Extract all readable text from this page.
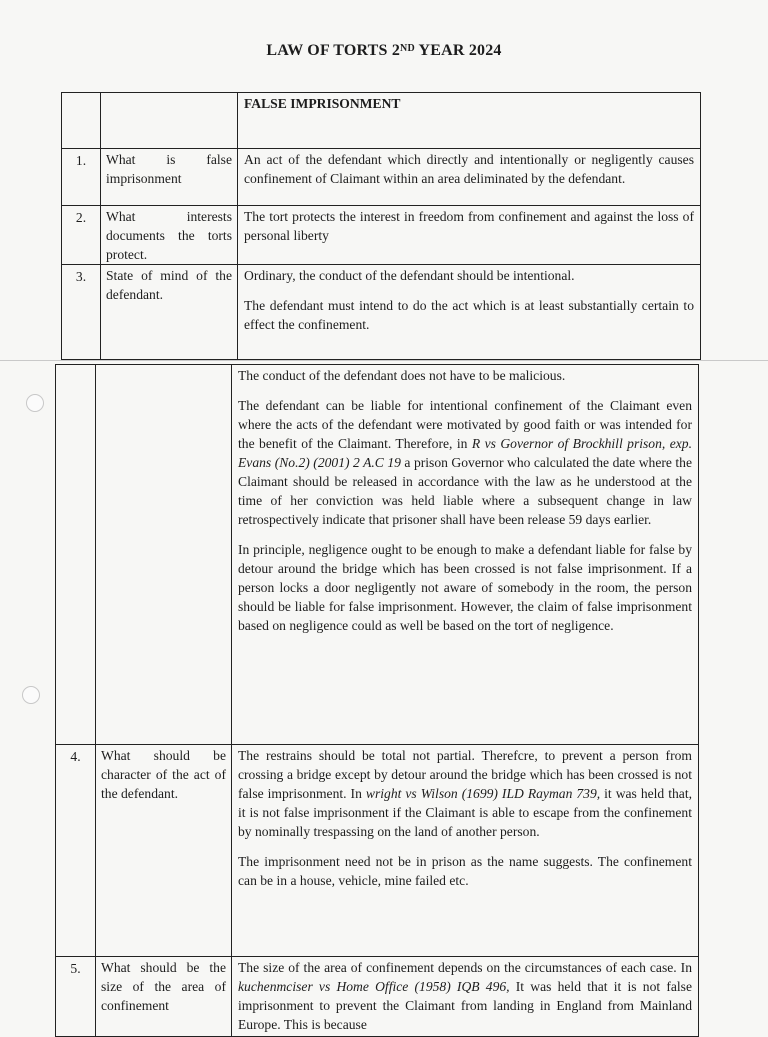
LAW OF TORTS 2ND YEAR 2024
		FALSE IMPRISONMENT
1.	What is false imprisonment	An act of the defendant which directly and intentionally or negligently causes confinement of Claimant within an area deliminated by the defendant.
2.	What interests documents the torts protect.	The tort protects the interest in freedom from confinement and against the loss of personal liberty
3.	State of mind of the defendant.	Ordinary, the conduct of the defendant should be intentional.

The defendant must intend to do the act which is at least substantially certain to effect the confinement.

		The conduct of the defendant does not have to be malicious.

The defendant can be liable for intentional confinement of the Claimant even where the acts of the defendant were motivated by good faith or was intended for the benefit of the Claimant. Therefore, in R vs Governor of Brockhill prison, exp. Evans (No.2) (2001) 2 A.C 19 a prison Governor who calculated the date where the Claimant should be released in accordance with the law as he understood at the time of her conviction was held liable where a subsequent change in law retrospectively indicate that prisoner shall have been release 59 days earlier.

In principle, negligence ought to be enough to make a defendant liable for false by detour around the bridge which has been crossed is not false imprisonment. If a person locks a door negligently not aware of somebody in the room, the person should be liable for false imprisonment. However, the claim of false imprisonment based on negligence could as well be based on the tort of negligence.

4.	What should be character of the act of the defendant.	The restrains should be total not partial. Therefcre, to prevent a person from crossing a bridge except by detour around the bridge which has been crossed is not false imprisonment. In wright vs Wilson (1699) ILD Rayman 739, it was held that, it is not false imprisonment if the Claimant is able to escape from the confinement by nominally trespassing on the land of another person.

The imprisonment need not be in prison as the name suggests. The confinement can be in a house, vehicle, mine failed etc.

5.	What should be the size of the area of confinement	The size of the area of confinement depends on the circumstances of each case. In kuchenmciser vs Home Office (1958) IQB 496, It was held that it is not false imprisonment to prevent the Claimant from landing in England from Mainland Europe. This is because
